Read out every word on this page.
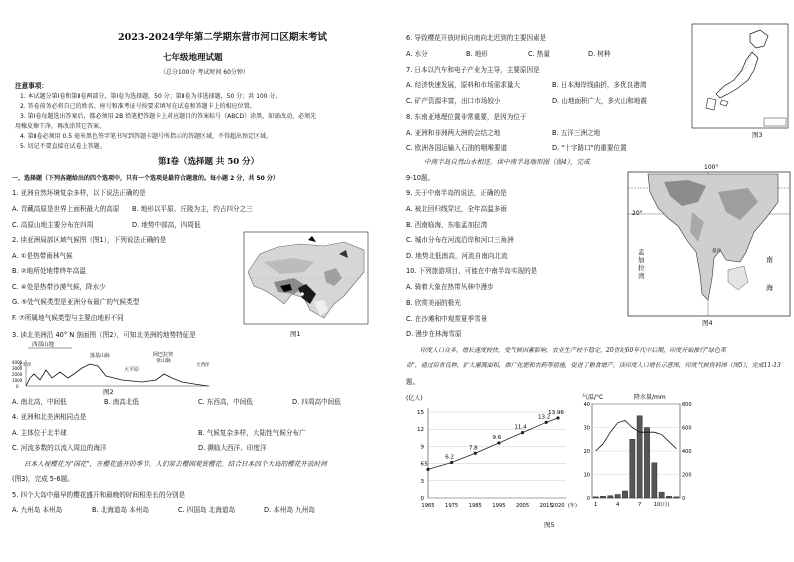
2023-2024学年第二学期东营市河口区期末考试
七年级地理试题
（总分100分 考试时间 60分钟）
注意事项：
1. 本试题分第Ⅰ卷和第Ⅱ卷两部分，第Ⅰ卷为选择题，50 分；第Ⅱ卷为非选择题，50 分；共 100 分。
2. 答卷前务必将自己的姓名、座号和准考证号按要求填写在试卷和答题卡上的相应位置。
3. 第Ⅰ卷每题选出答案后，都必须用 2B 铅笔把答题卡上对应题目的答案标号（ABCD）涂黑，如需改动，必须先
用橡皮擦干净，再改涂其它答案。
4. 第Ⅱ卷必须用 0.5 毫米黑色签字笔书写到答题卡题号所指示的答题区域，不得超出预定区域。
5. 切记不要直接在试卷上答题。
第Ⅰ卷（选择题 共 50 分）
一、选择题（下列各题给出的四个选项中，只有一个选项是最符合题意的。每小题 2 分，共 50 分）
1. 亚洲自然环境复杂多样，以下说法正确的是
A. 青藏高原是世界上面积最大的高原 B. 地形以平原、丘陵为主，约占四分之三
C. 高原山地主要分布在四周	D. 地势中部高，四周低
2. 读亚洲局部区域气候图（图1），下列说法正确的是
A. ①是热带雨林气候
B. ②地所处地带终年高温
C. ④处是热带沙漠气候，降水少
G. ⑤处气候类型是亚洲分布最广的气候类型
F. ⑦所属地气候类型与主要由地形不同
图1
3. 读北美洲沿 40° N 剖面图（图2），可知北美洲的地势特征是
西部山地
落基山脉	阿巴拉契
亚山脉
大平原
太平洋	大西洋
4000
3000
2000
1000
0
图2
A. 南北高，中间低	B. 南高北低	C. 东西高，中间低	D. 四周高中间低
4. 亚洲和北美洲相同点是
A. 主体位于北半球	B. 气候复杂多样，大陆性气候分布广
C. 河流多数的以流入周边的海洋	D. 濒临大西洋、印度洋
日本人视樱花为"国花"，在樱花盛开的季节，人们常去樱园观赏樱花。结合日本四个大岛的樱花开放时间
(图3)，完成 5-6题。
5. 四个大岛中最早的樱花盛开和最晚的时间相差长的分别是
A. 九州岛 本州岛	B. 北海道岛 本州岛	C. 四国岛 北海道岛	D. 本州岛 九州岛
6. 导致樱花开放时间自南向北迟到的主要因素是
A. 水分	B. 地形	C. 热量	D. 树种
7. 日本以汽车和电子产业为主导，主要原因是
A. 经济快速发展，原料和市场需求量大	B. 日本海岸线曲折，多优良港湾
C. 矿产资源丰富，出口市场较小	D. 山地面积广大，多火山和地震
8. 东南亚地理位置非常重要，是因为位于
A. 亚洲和非洲两大洲的会结之地	B. 五洋三洲之地
C. 欧洲各国运输入石油的咽喉要道	D. "十字路口"的重要位置
图3
中南半岛自然山水相连。读中南半岛地形图（图4），完成
9-10题。
9. 关于中南半岛的说法，正确的是
A. 被北回归线穿过，全年高温多雨
B. 西南临海，东临孟加拉湾
C. 城市分布在河流沿岸和河口三角洲
D. 地势北低南高，河流自南向北流
10. 下列旅游项目，可能在中南半岛实现的是
A. 骑着大象在热带丛林中漫步
B. 欣赏美丽的极光
C. 在沙滩和中观赏夏季雪景
D. 漫步在林海雪原
100°
20°
孟
加
拉
湾
南
海
曼谷
图4
印度人口众多，增长速度较快，受气候因素影响，农业生产较不稳定，20世纪60年代中后期，印度开始推行"绿色革
命"，通过培育良种，扩大灌溉面积，推广化肥和农药等措施，促进了粮食增产。读印度人口增长示意图，印度气候资料图（图5），完成11-13
题。
(亿人)
0
3
6
9
12
15
1965 1975 1985 1995 2005 2015
2020 (年)
5
6.2
7.8
9.6
11.4
13.2
13.96
气温/°C	降水量/mm
40	800
30	600
20	400
10	200
0	0
1	4	7 10(月)
图5
